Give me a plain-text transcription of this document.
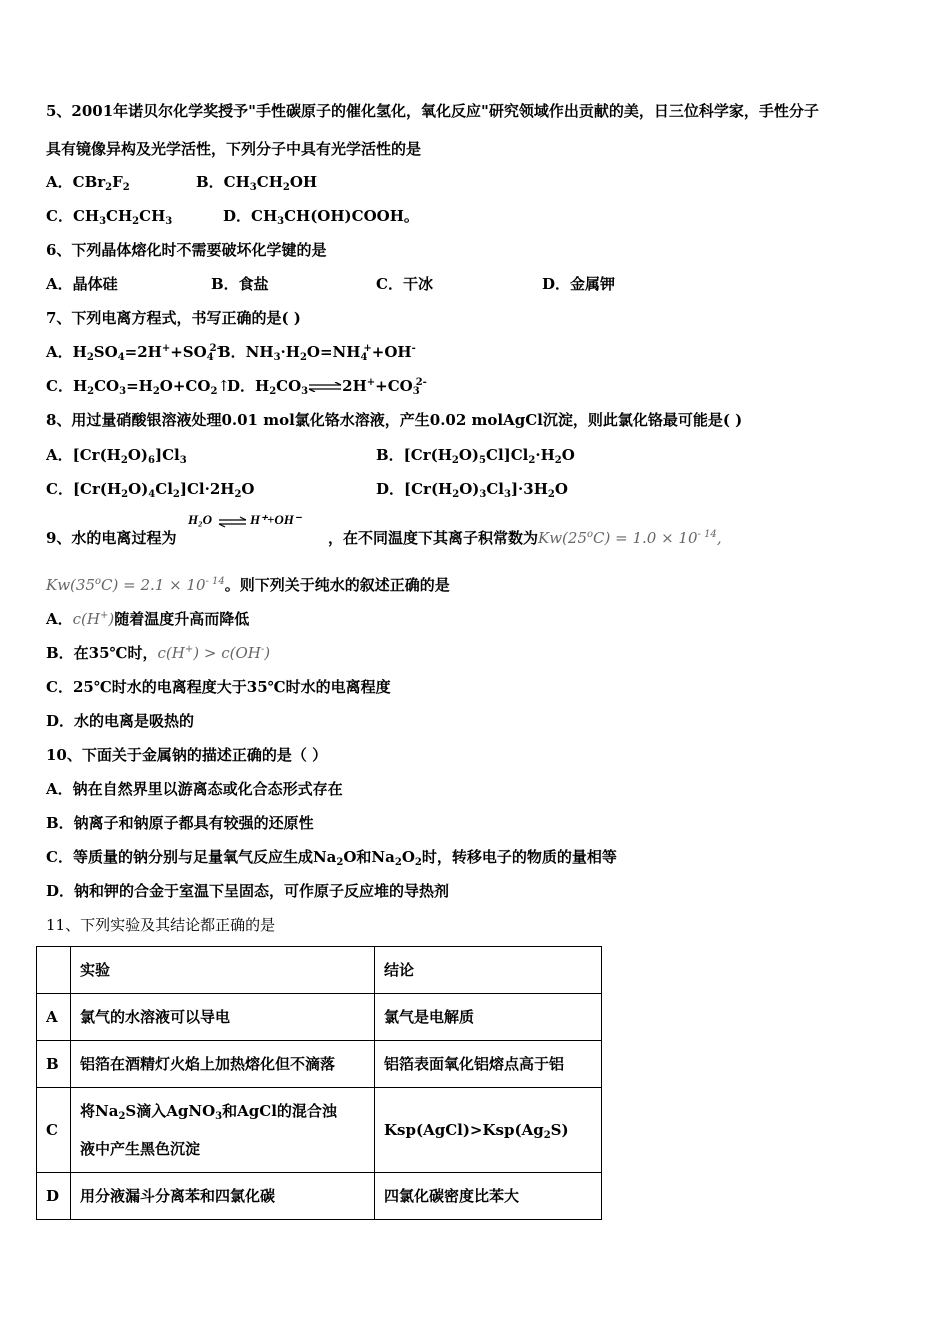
5、2001年诺贝尔化学奖授予"手性碳原子的催化氢化，氧化反应"研究领域作出贡献的美，日三位科学家，手性分子
具有镜像异构及光学活性，下列分子中具有光学活性的是
A．$CBr_2F_2$	B．$CH_3CH_2OH$
C．$CH_3CH_2CH_3$	D．$CH_3CH(OH)COOH$。
6、下列晶体熔化时不需要破坏化学键的是
A．晶体硅	B．食盐	C．干冰	D．金属钾
7、下列电离方程式，书写正确的是( )
A．$H_2SO_4=2H^++SO_4^{2-}$
B．$NH_3\cdot H_2O=NH_4^++OH^-$
C．$H_2CO_3=H_2O+CO_2↑$
D．$H_2CO_3\rightleftharpoons 2H^++CO_3^{2-}$
8、用过量硝酸银溶液处理0.01 mol氯化铬水溶液，产生0.02 molAgCl沉淀，则此氯化铬最可能是( )
A．$[Cr(H_2O)_6]Cl_3$	B．$[Cr(H_2O)_5Cl]Cl_2\cdot H_2O$
C．$[Cr(H_2O)_4Cl_2]Cl\cdot 2H_2O$	D．$[Cr(H_2O)_3Cl_3]\cdot 3H_2O$
9、水的电离过程为
H₂O	H⁺+OH⁻
，在不同温度下其离子积常数为$Kw(25^oC) = 1.0 \times 10^{- 14}$,
$Kw(35^oC) = 2.1 \times 10^{- 14}$。则下列关于纯水的叙述正确的是
A．c(H+)随着温度升高而降低
B．在35℃时，c(H+) > c(OH-)
C．25℃时水的电离程度大于35℃时水的电离程度
D．水的电离是吸热的
10、下面关于金属钠的描述正确的是（ ）
A．钠在自然界里以游离态或化合态形式存在
B．钠离子和钠原子都具有较强的还原性
C．等质量的钠分别与足量氧气反应生成$Na_2O$和$Na_2O_2$时，转移电子的物质的量相等
D．钠和钾的合金于室温下呈固态，可作原子反应堆的导热剂
11、下列实验及其结论都正确的是
	实验	结论
A	氯气的水溶液可以导电	氯气是电解质
B	铝箔在酒精灯火焰上加热熔化但不滴落	铝箔表面氧化铝熔点高于铝
C	将$Na_2S$滴入AgNO$_3$和AgCl的混合浊
液中产生黑色沉淀	$Ksp(AgCl)>Ksp(Ag_2S)$
D	用分液漏斗分离苯和四氯化碳	四氯化碳密度比苯大
